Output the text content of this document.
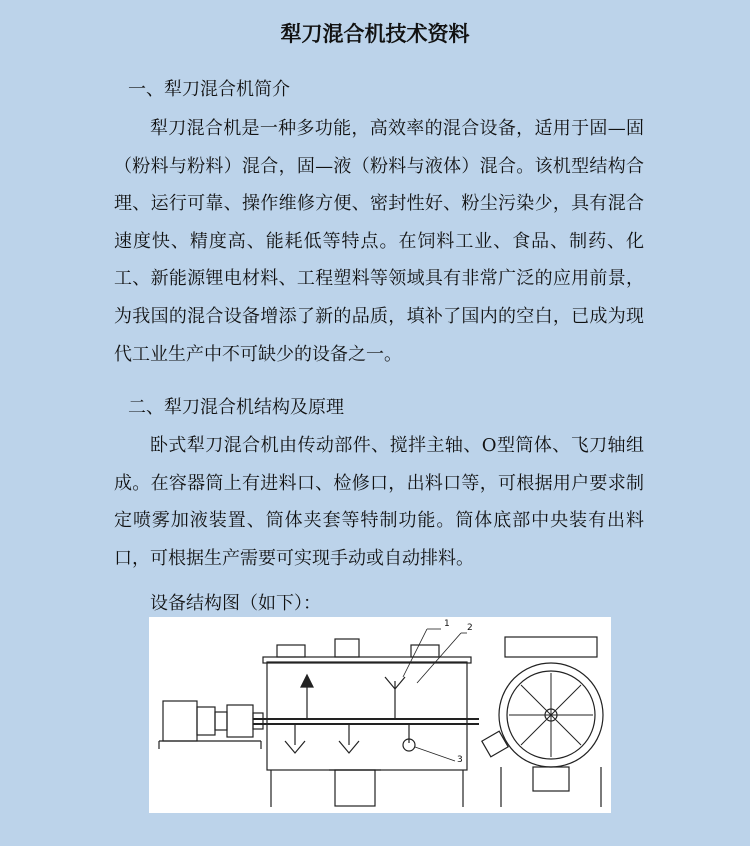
犁刀混合机技术资料
一、犁刀混合机简介

犁刀混合机是一种多功能，高效率的混合设备，适用于固—固（粉料与粉料）混合，固—液（粉料与液体）混合。该机型结构合理、运行可靠、操作维修方便、密封性好、粉尘污染少，具有混合速度快、精度高、能耗低等特点。在饲料工业、食品、制药、化工、新能源锂电材料、工程塑料等领域具有非常广泛的应用前景，为我国的混合设备增添了新的品质，填补了国内的空白，已成为现代工业生产中不可缺少的设备之一。

二、犁刀混合机结构及原理

卧式犁刀混合机由传动部件、搅拌主轴、O型筒体、飞刀轴组成。在容器筒上有进料口、检修口，出料口等，可根据用户要求制定喷雾加液装置、筒体夹套等特制功能。筒体底部中央装有出料口，可根据生产需要可实现手动或自动排料。

设备结构图（如下）：
1 2
3
